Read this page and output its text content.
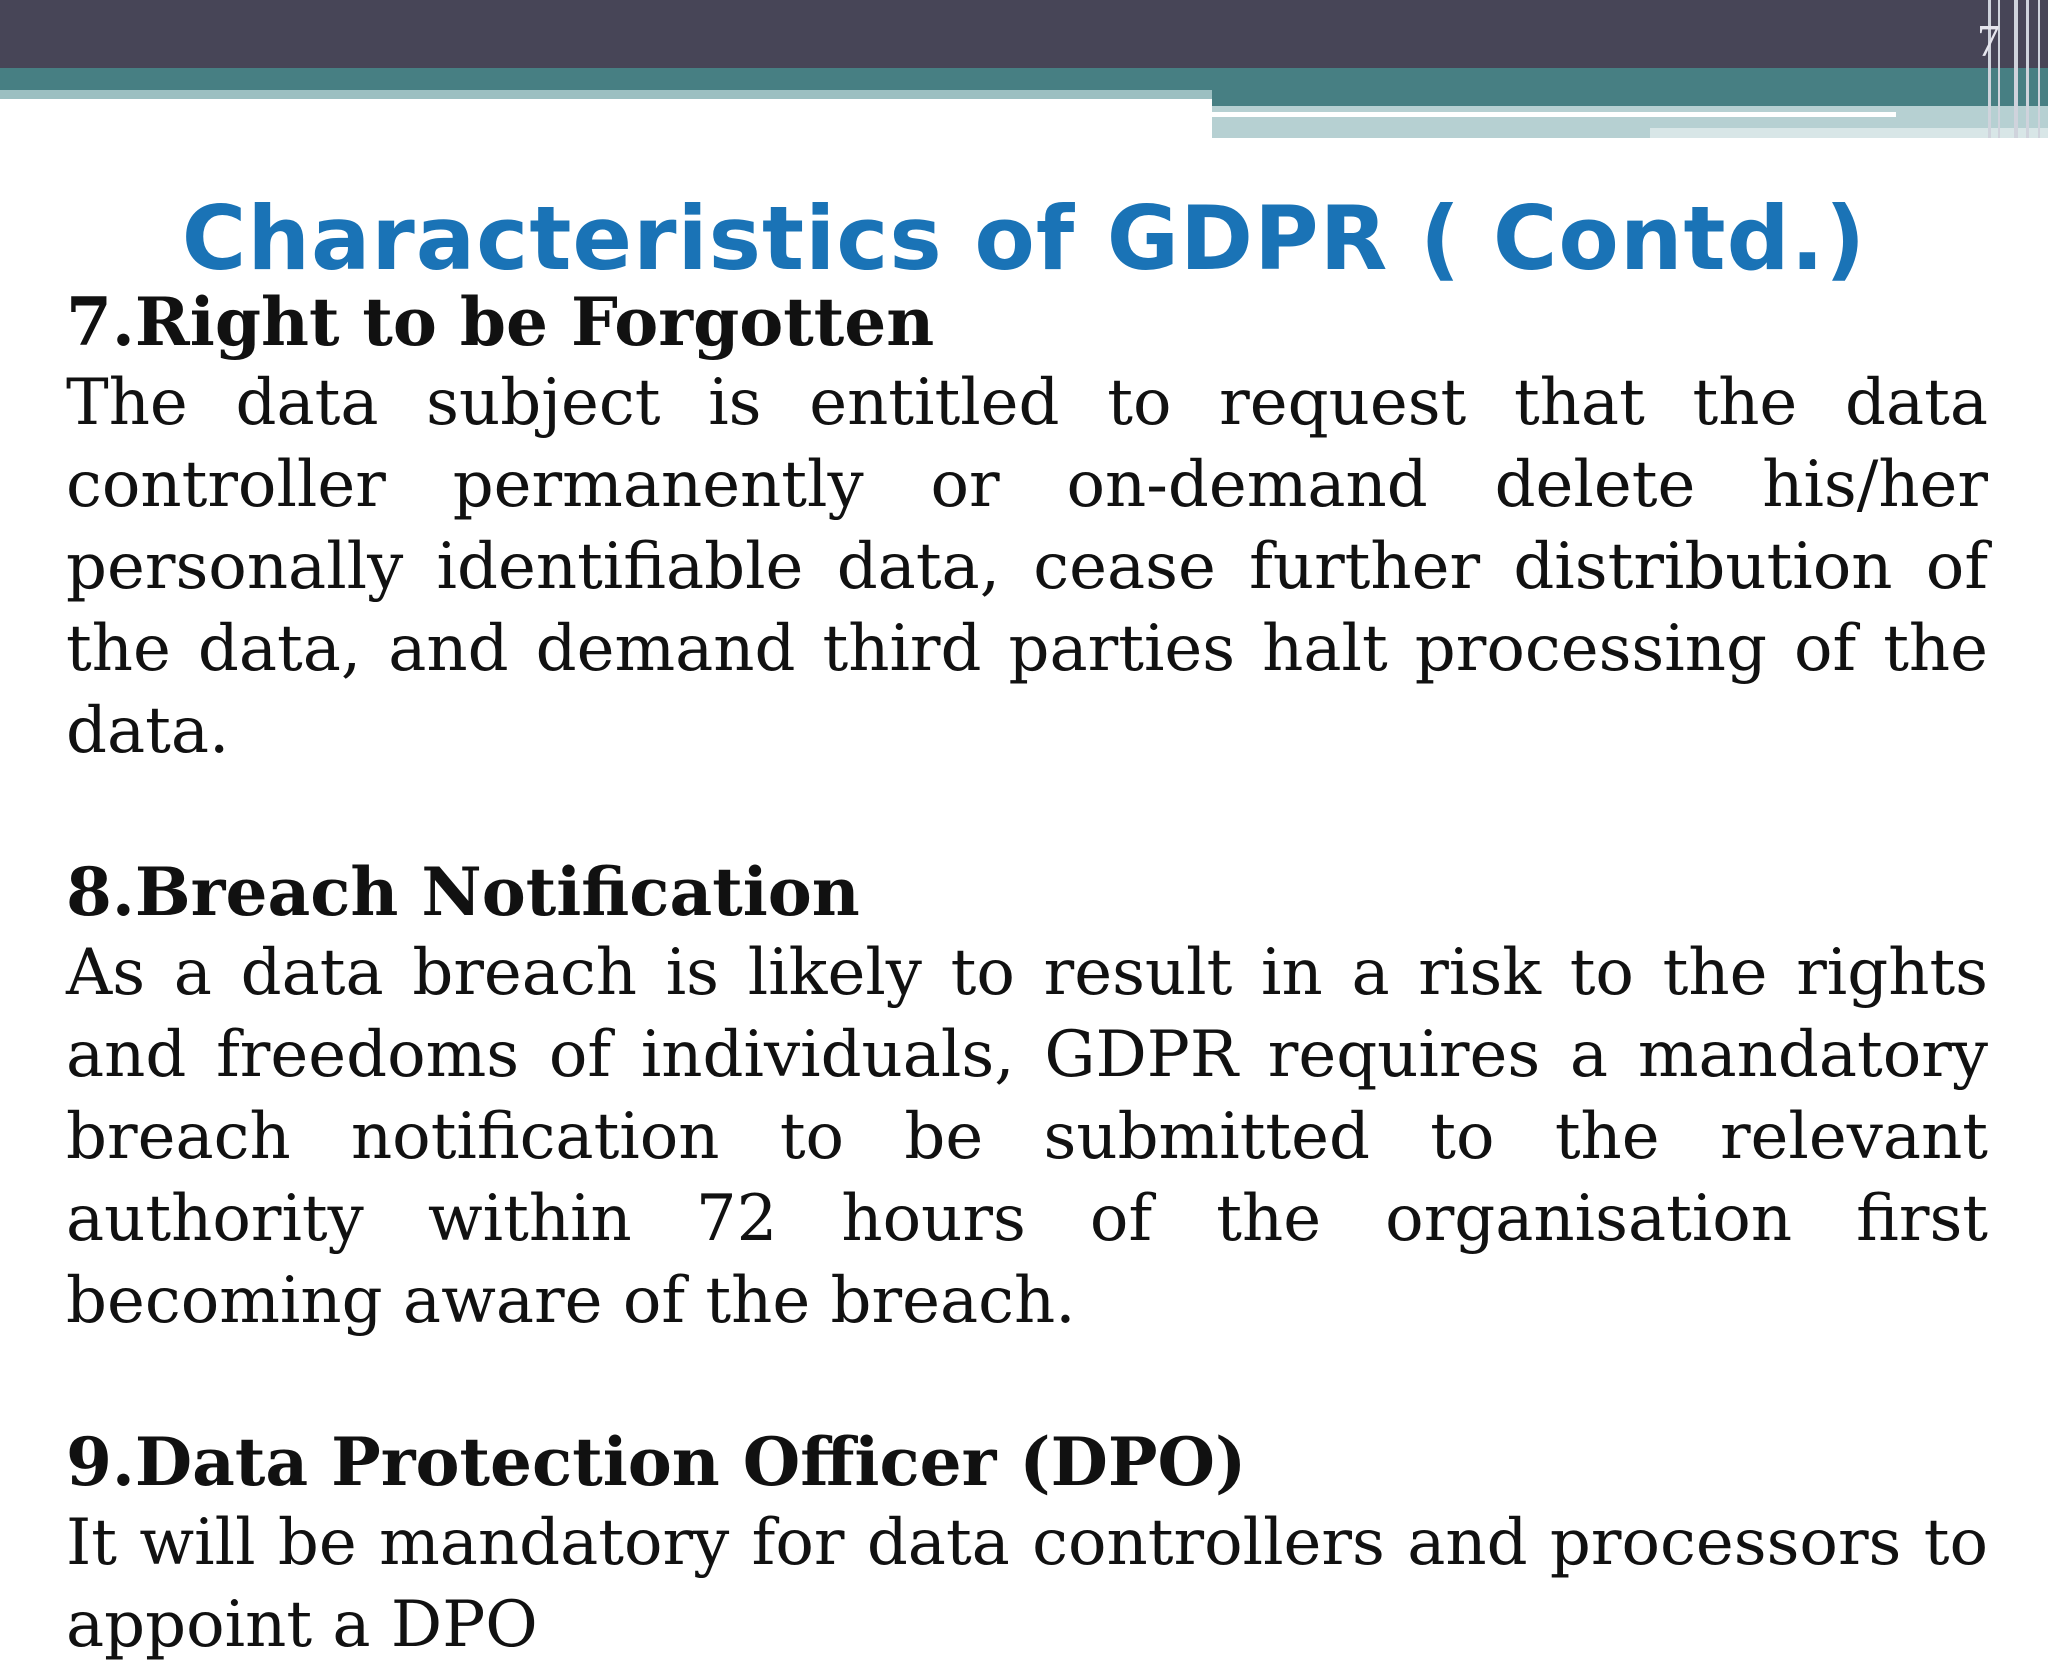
7
Characteristics of GDPR ( Contd.)

7.Right to be Forgotten

The data subject is entitled to request that the data controller permanently or on-demand delete his/her personally identifiable data, cease further distribution of the data, and demand third parties halt processing of the data.

8.Breach Notification

As a data breach is likely to result in a risk to the rights and freedoms of individuals, GDPR requires a mandatory breach notification to be submitted to the relevant authority within 72 hours of the organisation first becoming aware of the breach.

9.Data Protection Officer (DPO)

It will be mandatory for data controllers and processors to appoint a DPO
